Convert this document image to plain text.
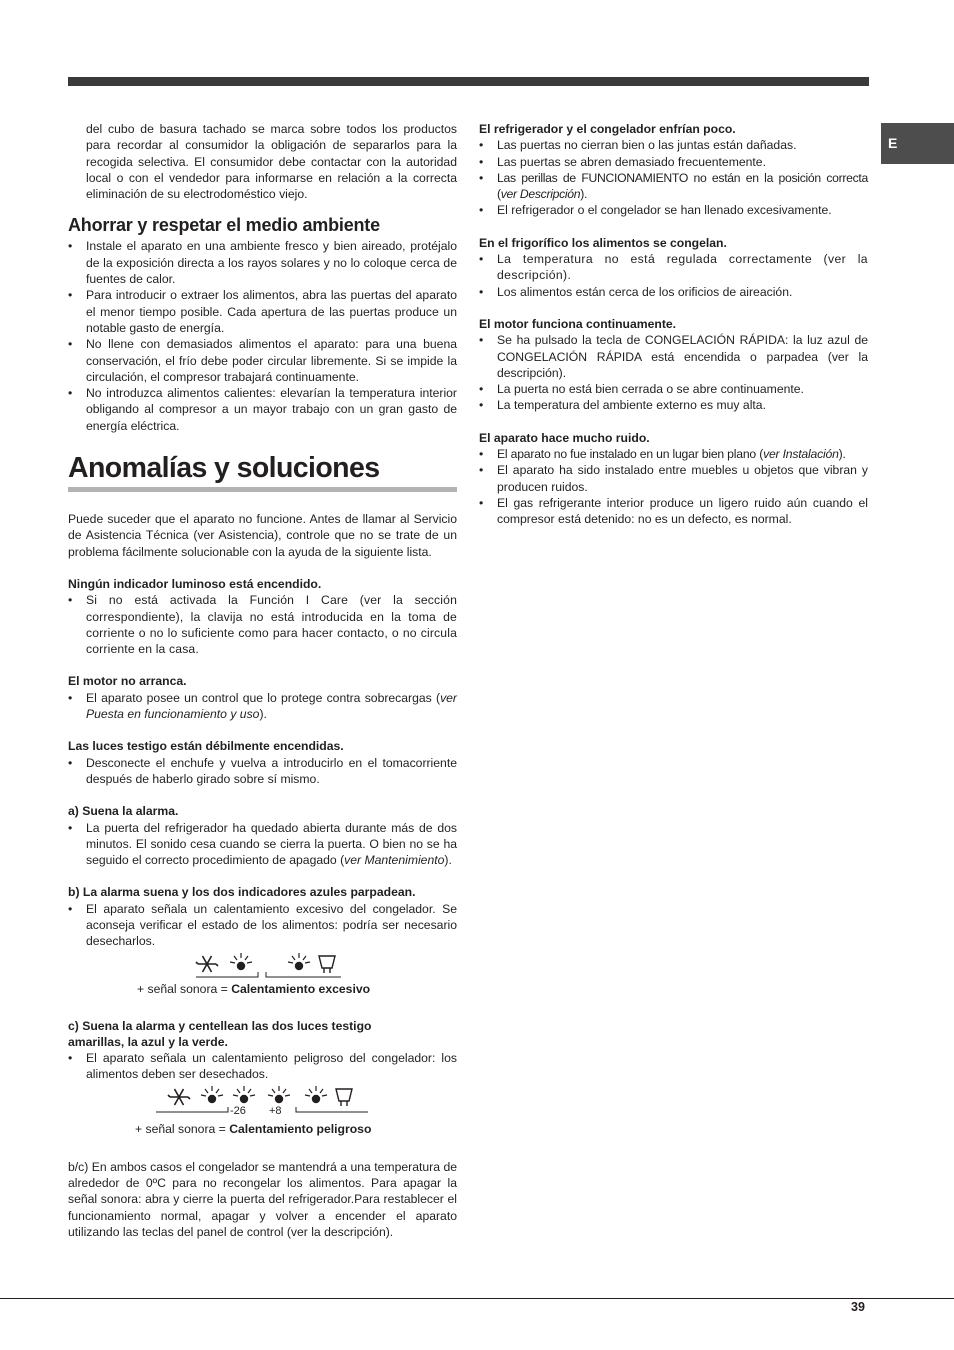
E

del cubo de basura tachado se marca sobre todos los productos para recordar al consumidor la obligación de separarlos para la recogida selectiva. El consumidor debe contactar con la autoridad local o con el vendedor para informarse en relación a la correcta eliminación de su electrodoméstico viejo.

Ahorrar y respetar el medio ambiente
• Instale el aparato en una ambiente fresco y bien aireado, protéjalo de la exposición directa a los rayos solares y no lo coloque cerca de fuentes de calor.
• Para introducir o extraer los alimentos, abra las puertas del aparato el menor tiempo posible. Cada apertura de las puertas produce un notable gasto de energía.
• No llene con demasiados alimentos el aparato: para una buena conservación, el frío debe poder circular libremente. Si se impide la circulación, el compresor trabajará continuamente.
• No introduzca alimentos calientes: elevarían la temperatura interior obligando al compresor a un mayor trabajo con un gran gasto de energía eléctrica.
Anomalías y soluciones

Puede suceder que el aparato no funcione. Antes de llamar al Servicio de Asistencia Técnica (ver Asistencia), controle que no se trate de un problema fácilmente solucionable con la ayuda de la siguiente lista.

Ningún indicador luminoso está encendido.

• Si no está activada la Función I Care (ver la sección correspondiente), la clavija no está introducida en la toma de corriente o no lo suficiente como para hacer contacto, o no circula corriente en la casa.

El motor no arranca.

• El aparato posee un control que lo protege contra sobrecargas (ver Puesta en funcionamiento y uso).

Las luces testigo están débilmente encendidas.

• Desconecte el enchufe y vuelva a introducirlo en el tomacorriente después de haberlo girado sobre sí mismo.

a) Suena la alarma.

• La puerta del refrigerador ha quedado abierta durante más de dos minutos. El sonido cesa cuando se cierra la puerta. O bien no se ha seguido el correcto procedimiento de apagado (ver Mantenimiento).

b) La alarma suena y los dos indicadores azules parpadean.

• El aparato señala un calentamiento excesivo del congelador. Se aconseja verificar el estado de los alimentos: podría ser necesario desecharlos.
+ señal sonora = Calentamiento excesivo

c) Suena la alarma y centellean las dos luces testigo
amarillas, la azul y la verde.

• El aparato señala un calentamiento peligroso del congelador: los alimentos deben ser desechados.
-26 +8
+ señal sonora = Calentamiento peligroso

b/c) En ambos casos el congelador se mantendrá a una temperatura de alrededor de 0ºC para no recongelar los alimentos. Para apagar la señal sonora: abra y cierre la puerta del refrigerador.Para restablecer el funcionamiento normal, apagar y volver a encender el aparato utilizando las teclas del panel de control (ver la descripción).

El refrigerador y el congelador enfrían poco.

• Las puertas no cierran bien o las juntas están dañadas.
• Las puertas se abren demasiado frecuentemente.
• Las perillas de FUNCIONAMIENTO no están en la posición correcta (ver Descripción).
• El refrigerador o el congelador se han llenado excesivamente.

En el frigorífico los alimentos se congelan.

• La temperatura no está regulada correctamente (ver la descripción).
• Los alimentos están cerca de los orificios de aireación.

El motor funciona continuamente.

• Se ha pulsado la tecla de CONGELACIÓN RÁPIDA: la luz azul de CONGELACIÓN RÁPIDA está encendida o parpadea (ver la descripción).
• La puerta no está bien cerrada o se abre continuamente.
• La temperatura del ambiente externo es muy alta.

El aparato hace mucho ruido.

• El aparato no fue instalado en un lugar bien plano (ver Instalación).
• El aparato ha sido instalado entre muebles u objetos que vibran y producen ruidos.
• El gas refrigerante interior produce un ligero ruido aún cuando el compresor está detenido: no es un defecto, es normal.
39
